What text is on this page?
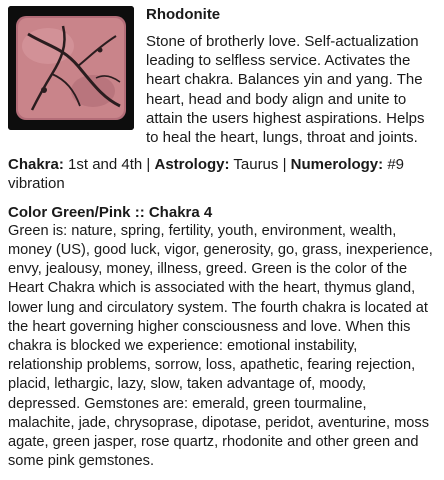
Rhodonite

Stone of brotherly love. Self-actualization leading to selfless service. Activates the heart chakra. Balances yin and yang. The heart, head and body align and unite to attain the users highest aspirations. Helps to heal the heart, lungs, throat and joints.

Chakra: 1st and 4th | Astrology: Taurus | Numerology: #9 vibration

Color Green/Pink :: Chakra 4

Green is: nature, spring, fertility, youth, environment, wealth, money (US), good luck, vigor, generosity, go, grass, inexperience, envy, jealousy, money, illness, greed. Green is the color of the Heart Chakra which is associated with the heart, thymus gland, lower lung and circulatory system. The fourth chakra is located at the heart governing higher consciousness and love. When this chakra is blocked we experience: emotional instability, relationship problems, sorrow, loss, apathetic, fearing rejection, placid, lethargic, lazy, slow, taken advantage of, moody, depressed. Gemstones are: emerald, green tourmaline, malachite, jade, chrysoprase, dipotase, peridot, aventurine, moss agate, green jasper, rose quartz, rhodonite and other green and some pink gemstones.
